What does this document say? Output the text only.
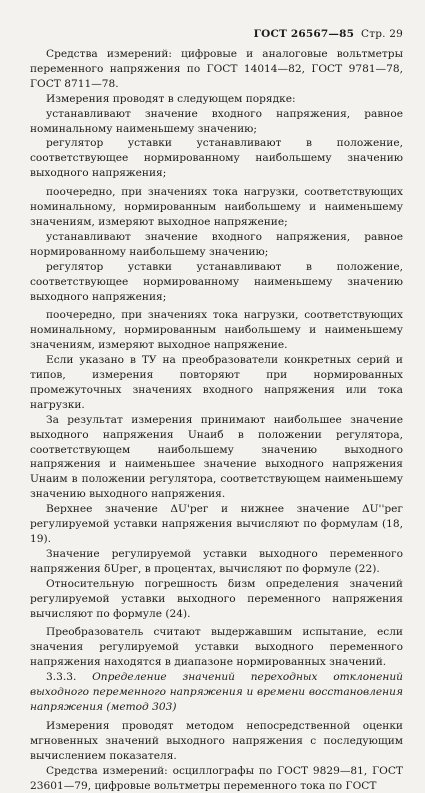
ГОСТ 26567—85 Стр. 29

Средства измерений: цифровые и аналоговые вольтметры переменного напряжения по ГОСТ 14014—82, ГОСТ 9781—78, ГОСТ 8711—78.

Измерения проводят в следующем порядке:

устанавливают значение входного напряжения, равное номинальному наименьшему значению;

регулятор уставки устанавливают в положение, соответствующее нормированному наибольшему значению выходного напряжения;

поочередно, при значениях тока нагрузки, соответствующих номинальному, нормированным наибольшему и наименьшему значениям, измеряют выходное напряжение;

устанавливают значение входного напряжения, равное нормированному наибольшему значению;

регулятор уставки устанавливают в положение, соответствующее нормированному наименьшему значению выходного напряжения;

поочередно, при значениях тока нагрузки, соответствующих номинальному, нормированным наибольшему и наименьшему значениям, измеряют выходное напряжение.

Если указано в ТУ на преобразователи конкретных серий и типов, измерения повторяют при нормированных промежуточных значениях входного напряжения или тока нагрузки.

За результат измерения принимают наибольшее значение выходного напряжения Uнаиб в положении регулятора, соответствующем наибольшему значению выходного напряжения и наименьшее значение выходного напряжения Uнаим в положении регулятора, соответствующем наименьшему значению выходного напряжения.

Верхнее значение ΔU'рег и нижнее значение ΔU''рег регулируемой уставки напряжения вычисляют по формулам (18, 19).

Значение регулируемой уставки выходного переменного напряжения δUрег, в процентах, вычисляют по формуле (22).

Относительную погрешность δизм определения значений регулируемой уставки выходного переменного напряжения вычисляют по формуле (24).

Преобразователь считают выдержавшим испытание, если значения регулируемой уставки выходного переменного напряжения находятся в диапазоне нормированных значений.

3.3.3. Определение значений переходных отклонений выходного переменного напряжения и времени восстановления напряжения (метод 303)

Измерения проводят методом непосредственной оценки мгновенных значений выходного напряжения с последующим вычислением показателя.

Средства измерений: осциллографы по ГОСТ 9829—81, ГОСТ 23601—79, цифровые вольтметры переменного тока по ГОСТ
